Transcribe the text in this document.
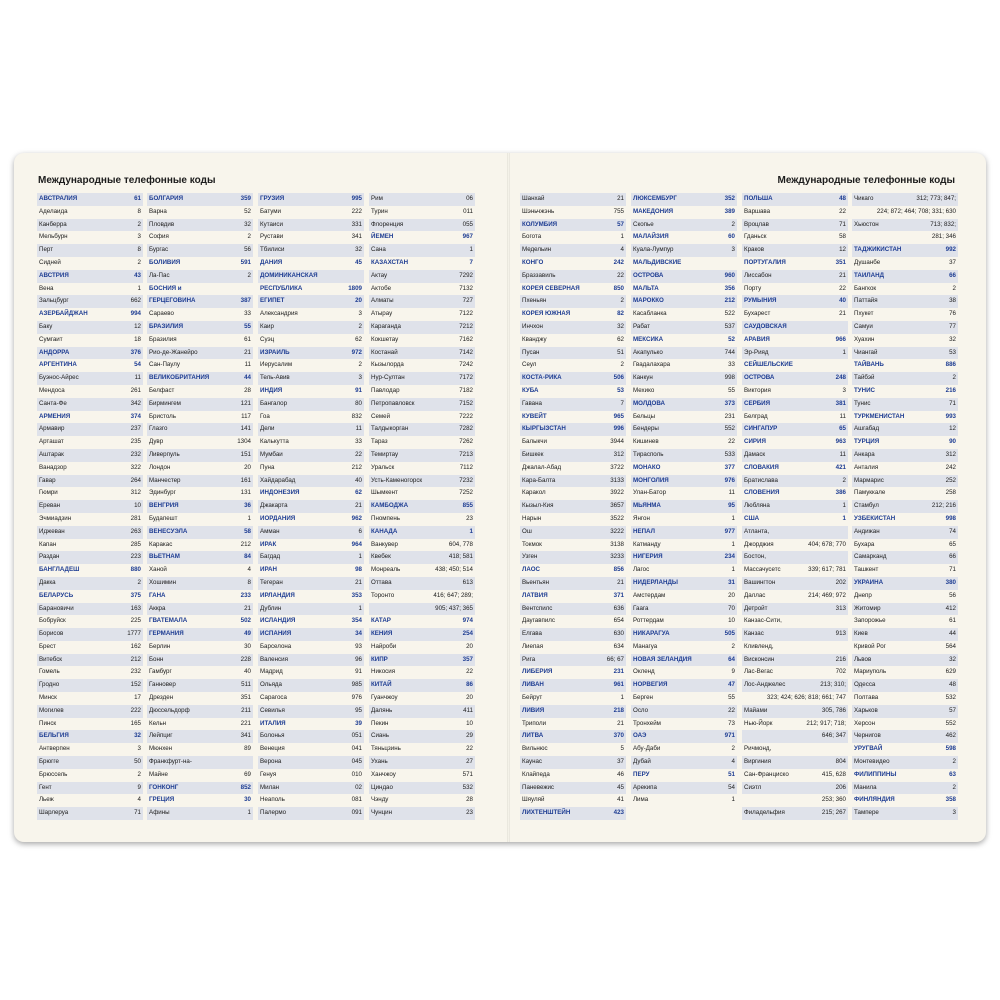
Международные телефонные коды	Международные телефонные коды
АВСТРАЛИЯ	61
Аделаида	8
Канберра	2
Мельбурн	3
Перт	8
Сидней	2
АВСТРИЯ	43
Вена	1
Зальцбург	662
АЗЕРБАЙДЖАН	994
Баку	12
Сумгаит	18
АНДОРРА	376
АРГЕНТИНА	54
Буэнос-Айрес	11
Мендоса	261
Санта-Фе	342
АРМЕНИЯ	374
Армавир	237
Арташат	235
Аштарак	232
Ванадзор	322
Гавар	264
Гюмри	312
Ереван	10
Эчмиадзин	281
Иджеван	263
Капан	285
Раздан	223
БАНГЛАДЕШ	880
Дакка	2
БЕЛАРУСЬ	375
Барановичи	163
Бобруйск	225
Борисов	1777
Брест	162
Витебск	212
Гомель	232
Гродно	152
Минск	17
Могилев	222
Пинск	165
БЕЛЬГИЯ	32
Антверпен	3
Брюгге	50
Брюссель	2
Гент	9
Льеж	4
Шарлеруа	71
БОЛГАРИЯ	359
Варна	52
Пловдив	32
София	2
Бургас	56
БОЛИВИЯ	591
Ла-Пас	2
БОСНИЯ и
ГЕРЦЕГОВИНА	387
Сараево	33
БРАЗИЛИЯ	55
Бразилия	61
Рио-де-Жанейро	21
Сан-Паулу	11
ВЕЛИКОБРИТАНИЯ	44
Белфаст	28
Бирмингем	121
Бристоль	117
Глазго	141
Дувр	1304
Ливерпуль	151
Лондон	20
Манчестер	161
Эдинбург	131
ВЕНГРИЯ	36
Будапешт	1
ВЕНЕСУЭЛА	58
Каракас	212
ВЬЕТНАМ	84
Ханой	4
Хошимин	8
ГАНА	233
Аккра	21
ГВАТЕМАЛА	502
ГЕРМАНИЯ	49
Берлин	30
Бонн	228
Гамбург	40
Ганновер	511
Дрезден	351
Дюссельдорф	211
Кельн	221
Лейпциг	341
Мюнхен	89
Франкфурт-на-
Майне	69
ГОНКОНГ	852
ГРЕЦИЯ	30
Афины	1
ГРУЗИЯ	995
Батуми	222
Кутаиси	331
Рустави	341
Тбилиси	32
ДАНИЯ	45
ДОМИНИКАНСКАЯ
РЕСПУБЛИКА	1809
ЕГИПЕТ	20
Александрия	3
Каир	2
Суэц	62
ИЗРАИЛЬ	972
Иерусалим	2
Тель-Авив	3
ИНДИЯ	91
Бангалор	80
Гоа	832
Дели	11
Калькутта	33
Мумбаи	22
Пуна	212
Хайдарабад	40
ИНДОНЕЗИЯ	62
Джакарта	21
ИОРДАНИЯ	962
Амман	6
ИРАК	964
Багдад	1
ИРАН	98
Тегеран	21
ИРЛАНДИЯ	353
Дублин	1
ИСЛАНДИЯ	354
ИСПАНИЯ	34
Барселона	93
Валенсия	96
Мадрид	91
Ольяда	985
Сарагоса	976
Севилья	95
ИТАЛИЯ	39
Болонья	051
Венеция	041
Верона	045
Генуя	010
Милан	02
Неаполь	081
Палермо	091
Рим	06
Турин	011
Флоренция	055
ЙЕМЕН	967
Сана	1
КАЗАХСТАН	7
Актау	7292
Актобе	7132
Алматы	727
Атырау	7122
Караганда	7212
Кокшетау	7162
Костанай	7142
Кызылорда	7242
Нур-Султан	7172
Павлодар	7182
Петропавловск	7152
Семей	7222
Талдыкорган	7282
Тараз	7262
Темиртау	7213
Уральск	7112
Усть-Каменогорск	7232
Шымкент	7252
КАМБОДЖА	855
Пномпень	23
КАНАДА	1
Ванкувер	604, 778
Квебек	418; 581
Монреаль	438; 450; 514
Оттава	613
Торонто	416; 647; 289;
905; 437; 365
КАТАР	974
КЕНИЯ	254
Найроби	20
КИПР	357
Никосия	22
КИТАЙ	86
Гуанчжоу	20
Далянь	411
Пекин	10
Сиань	29
Тяньцзинь	22
Ухань	27
Ханчжоу	571
Циндао	532
Чэнду	28
Чунцин	23
Шанхай	21
Шэньчжэнь	755
КОЛУМБИЯ	57
Богота	1
Медельин	4
КОНГО	242
Браззавиль	22
КОРЕЯ СЕВЕРНАЯ	850
Пхеньян	2
КОРЕЯ ЮЖНАЯ	82
Инчхон	32
Кванджу	62
Пусан	51
Сеул	2
КОСТА-РИКА	506
КУБА	53
Гавана	7
КУВЕЙТ	965
КЫРГЫЗСТАН	996
Балыкчи	3944
Бишкек	312
Джалал-Абад	3722
Кара-Балта	3133
Каракол	3922
Кызыл-Кия	3657
Нарын	3522
Ош	3222
Токмок	3138
Узген	3233
ЛАОС	856
Вьентьян	21
ЛАТВИЯ	371
Вентспилс	636
Даугавпилс	654
Елгава	630
Лиепая	634
Рига	66; 67
ЛИБЕРИЯ	231
ЛИВАН	961
Бейрут	1
ЛИВИЯ	218
Триполи	21
ЛИТВА	370
Вильнюс	5
Каунас	37
Клайпеда	46
Паневежис	45
Шяуляй	41
ЛИХТЕНШТЕЙН	423
ЛЮКСЕМБУРГ	352
МАКЕДОНИЯ	389
Скопье	2
МАЛАЙЗИЯ	60
Куала-Лумпур	3
МАЛЬДИВСКИЕ
ОСТРОВА	960
МАЛЬТА	356
МАРОККО	212
Касабланка	522
Рабат	537
МЕКСИКА	52
Акапулько	744
Гвадалахара	33
Канкун	998
Мехико	55
МОЛДОВА	373
Бельцы	231
Бендеры	552
Кишинев	22
Тирасполь	533
МОНАКО	377
МОНГОЛИЯ	976
Улан-Батор	11
МЬЯНМА	95
Янгон	1
НЕПАЛ	977
Катманду	1
НИГЕРИЯ	234
Лагос	1
НИДЕРЛАНДЫ	31
Амстердам	20
Гаага	70
Роттердам	10
НИКАРАГУА	505
Манагуа	2
НОВАЯ ЗЕЛАНДИЯ	64
Окленд	9
НОРВЕГИЯ	47
Берген	55
Осло	22
Тронхейм	73
ОАЭ	971
Абу-Даби	2
Дубай	4
ПЕРУ	51
Арекипа	54
Лима	1
ПОЛЬША	48
Варшава	22
Вроцлав	71
Гданьск	58
Краков	12
ПОРТУГАЛИЯ	351
Лиссабон	21
Порту	22
РУМЫНИЯ	40
Бухарест	21
САУДОВСКАЯ
АРАВИЯ	966
Эр-Рияд	1
СЕЙШЕЛЬСКИЕ
ОСТРОВА	248
Виктория	3
СЕРБИЯ	381
Белград	11
СИНГАПУР	65
СИРИЯ	963
Дамаск	11
СЛОВАКИЯ	421
Братислава	2
СЛОВЕНИЯ	386
Любляна	1
США	1
Атланта,
Джорджия	404; 678; 770
Бостон,
Массачусетс	339; 617; 781
Вашингтон	202
Даллас	214; 469; 972
Детройт	313
Канзас-Сити,
Канзас	913
Кливленд,
Висконсин	216
Лас-Вегас	702
Лос-Анджелес	213; 310;
323; 424; 626; 818; 661; 747
Майами	305, 786
Нью-Йорк	212; 917; 718;
646; 347
Ричмонд,
Виргиния	804
Сан-Франциско	415, 628
Сиэтл	206
253; 360
Филадельфия	215; 267
Чикаго	312; 773; 847;
224; 872; 464; 708; 331; 630
Хьюстон	713; 832;
281; 346
ТАДЖИКИСТАН	992
Душанбе	37
ТАИЛАНД	66
Бангкок	2
Паттайя	38
Пхукет	76
Самуи	77
Хуахин	32
Чиангай	53
ТАЙВАНЬ	886
Тайбэй	2
ТУНИС	216
Тунис	71
ТУРКМЕНИСТАН	993
Ашгабад	12
ТУРЦИЯ	90
Анкара	312
Анталия	242
Мармарис	252
Памуккале	258
Стамбул	212; 216
УЗБЕКИСТАН	998
Андижан	74
Бухара	65
Самарканд	66
Ташкент	71
УКРАИНА	380
Днепр	56
Житомир	412
Запорожье	61
Киев	44
Кривой Рог	564
Львов	32
Мариуполь	629
Одесса	48
Полтава	532
Харьков	57
Херсон	552
Чернигов	462
УРУГВАЙ	598
Монтевидео	2
ФИЛИППИНЫ	63
Манила	2
ФИНЛЯНДИЯ	358
Тампере	3
